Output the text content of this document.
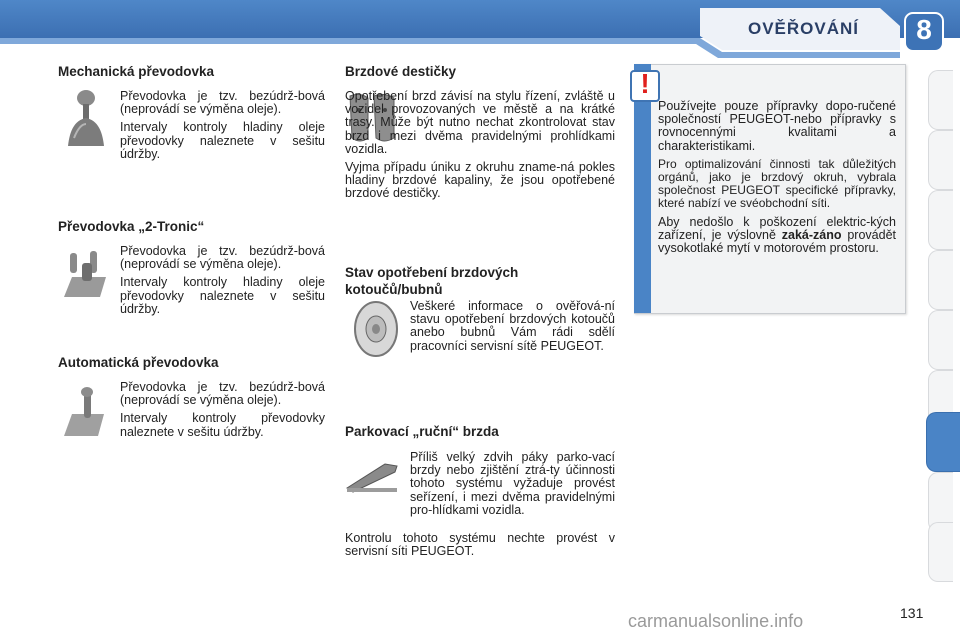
OVĚŘOVÁNÍ	8
Mechanická převodovka

Převodovka je tzv. bezúdrž-bová (neprovádí se výměna oleje).

Intervaly kontroly hladiny oleje převodovky naleznete v sešitu údržby.

Převodovka „2-Tronic“

Převodovka je tzv. bezúdrž-bová (neprovádí se výměna oleje).

Intervaly kontroly hladiny oleje převodovky naleznete v sešitu údržby.

Automatická převodovka

Převodovka je tzv. bezúdrž-bová (neprovádí se výměna oleje).

Intervaly kontroly převodovky naleznete v sešitu údržby.

Brzdové destičky

Opotřebení brzd závisí na stylu řízení, zvláště u vozidel provozovaných ve městě a na krátké trasy. Může být nutno nechat zkontrolovat stav brzd i mezi dvěma pravidelnými prohlídkami vozidla.

Vyjma případu úniku z okruhu zname-ná pokles hladiny brzdové kapaliny, že jsou opotřebené brzdové destičky.

Stav opotřebení brzdových kotoučů/bubnů

Veškeré informace o ověřová-ní stavu opotřebení brzdových kotoučů anebo bubnů Vám rádi sdělí pracovníci servisní sítě PEUGEOT.

Parkovací „ruční“ brzda

Příliš velký zdvih páky parko-vací brzdy nebo zjištění ztrá-ty účinnosti tohoto systému vyžaduje provést seřízení, i mezi dvěma pravidelnými pro-hlídkami vozidla.

Kontrolu tohoto systému nechte provést v servisní síti PEUGEOT.

!

Používejte pouze přípravky dopo-ručené společností PEUGEOT-nebo přípravky s rovnocennými kvalitami a charakteristikami.

Pro optimalizování činnosti tak důležitých orgánů, jako je brzdový okruh, vybrala společnost PEUGEOT specifické přípravky, které nabízí ve svéobchodní síti.

Aby nedošlo k poškození elektric-kých zařízení, je výslovně zaká-záno provádět vysokotlaké mytí v motorovém prostoru.

131
carmanualsonline.info
